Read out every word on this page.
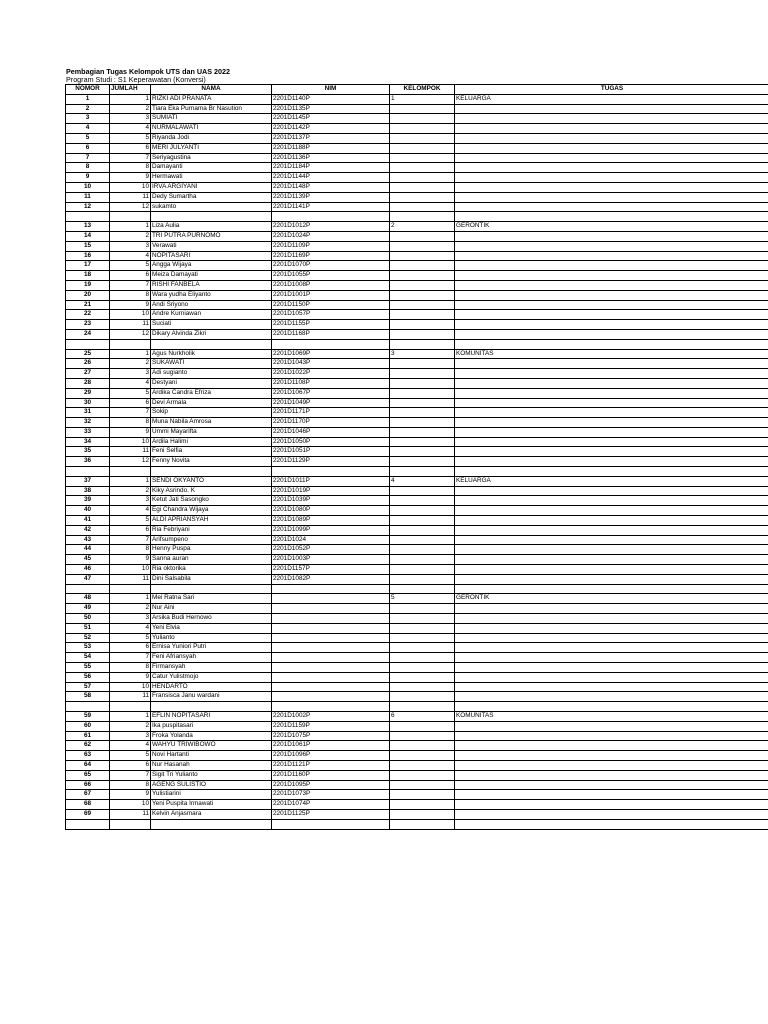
Pembagian Tugas Kelompok UTS dan UAS 2022
Program Studi : S1 Keperawatan (Konversi)
NOMOR	JUMLAH	NAMA	NIM	KELOMPOK	TUGAS
1	1	RIZKI ADI PRANATA	2201D1140P	1	KELUARGA
2	2	Tiara Eka Purnama Br Nasution	2201D1135P		
3	3	SUMIATI	2201D1145P		
4	4	NURMALAWATI	2201D1142P		
5	5	Riyanda Jodi	2201D1137P		
6	6	MERI JULYANTI	2201D1188P		
7	7	Seriyagustina	2201D1136P		
8	8	Damayanti	2201D1184P		
9	9	Hermawati	2201D1144P		
10	10	IRVA ARGIYANI	2201D1148P		
11	11	Dedy Sumartha	2201D1139P		
12	12	sukamto	2201D1141P		

13	1	Liza Aulia	2201D1012P	2	GERONTIK
14	2	TRI PUTRA PURNOMO	2201D1024P		
15	3	Verawati	2201D1109P		
16	4	NOPITASARI	2201D1169P		
17	5	Angga Wijaya	2201D1070P		
18	6	Meiza Damayati	2201D1055P		
19	7	RISHI FANBELA	2201D1008P		
20	8	Wara yudha Eliyanto	2201D1001P		
21	9	Andi Sriyono	2201D1150P		
22	10	Andre Kurniawan	2201D1057P		
23	11	Suciati	2201D1155P		
24	12	Dikary Alvinda Zikri	2201D1168P		

25	1	Agus Nurkholik	2201D1069P	3	KOMUNITAS
26	2	SUKAWATI	2201D1043P		
27	3	Adi sugianto	2201D1022P		
28	4	Destyani	2201D1108P		
29	5	Ardika Candra Efriza	2201D1067P		
30	6	Devi Armala	2201D1049P		
31	7	Sokip	2201D1171P		
32	8	Muna Nabila Amrosa	2201D1170P		
33	9	Ummi Mayarifta	2201D1046P		
34	10	Ardila Halimi	2201D1050P		
35	11	Feni Selfia	2201D1051P		
36	12	Fenny Novita	2201D1129P		

37	1	SENDI OKYANTO	2201D1011P	4	KELUARGA
38	2	Kiky Asrindo. K	2201D1019P		
39	3	Ketut Jati Sasongko	2201D1039P		
40	4	Egi Chandra Wijaya	2201D1080P		
41	5	ALDI APRIANSYAH	2201D1089P		
42	6	Ria Febriyani	2201D1099P		
43	7	Arifsumpeno	2201D1024		
44	8	Henny Puspa	2201D1052P		
45	9	Sanna auran	2201D1003P		
46	10	Ria oktorika	2201D1157P		
47	11	Dini Salsabila	2201D1082P		

48	1	Mei Ratna Sari		5	GERONTIK
49	2	Nur Aini			
50	3	Arsika Budi Hernowo			
51	4	Yeni Elvia			
52	5	Yulianto			
53	6	Ernisa Yuniori Putri			
54	7	Feni Afriansyah			
55	8	Firmansyah			
56	9	Catur Yulistmojo			
57	10	HENDARTO			
58	11	Fransisca Janu wardani			

59	1	EFLIN NOPITASARI	2201D1002P	6	KOMUNITAS
60	2	Ika puspitasari	2201D1159P		
61	3	Froka Yolanda	2201D1075P		
62	4	WAHYU TRIWIBOWO	2201D1061P		
63	5	Novi Hartanti	2201D1096P		
64	6	Nur Hasanah	2201D1121P		
65	7	Sigit Tri Yulianto	2201D1160P		
66	8	AGENG SULISTIO	2201D1095P		
67	9	Yulistiarini	2201D1073P		
68	10	Yeni Puspita Irmawati	2201D1074P		
69	11	Kelvin Anjasmara	2201D1125P		
